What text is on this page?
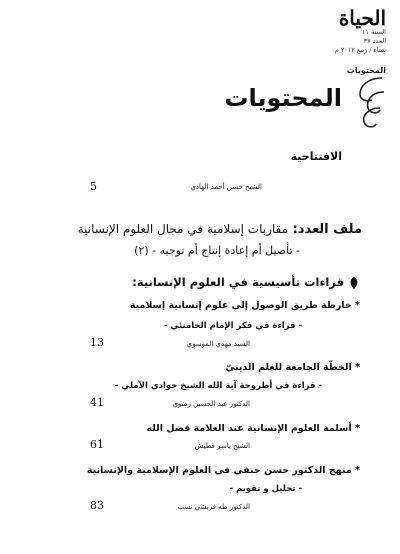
الحياة
السنة ١١
العدد ٣٧
شتاء / ربيع ٢٠١٢ م
المحتويات
المحتويات
الافتتاحية
الشيخ حسن أحمد الهادي
5
ملف العدد: مقاربات إسلامية في مجال العلوم الإنسانية
- تأصيل أم إعادة إنتاج أم توجيه - (٢)
قراءات تأسيسية في العلوم الإنسانية:
* خارطة طريق الوصول إلى علوم إنسانية إسلامية
- قراءة في فكر الإمام الخامنئي -
السيد مهدي الموسوي
13
* الخطّة الجامعة للعلم الدينيّ
- قراءة في أطروحة آية الله الشيخ جوادي الآملي -
الدكتور عبد الحسين رضوي
41
* أسلمة العلوم الإنسانية عند العلامة فضل الله
الشيخ ياسر قطيش
61
* منهج الدكتور حسن حنفي في العلوم الإسلامية والإنسانية
- تحليل و تقويم -
الدكتور طه فريشي نسب
83
